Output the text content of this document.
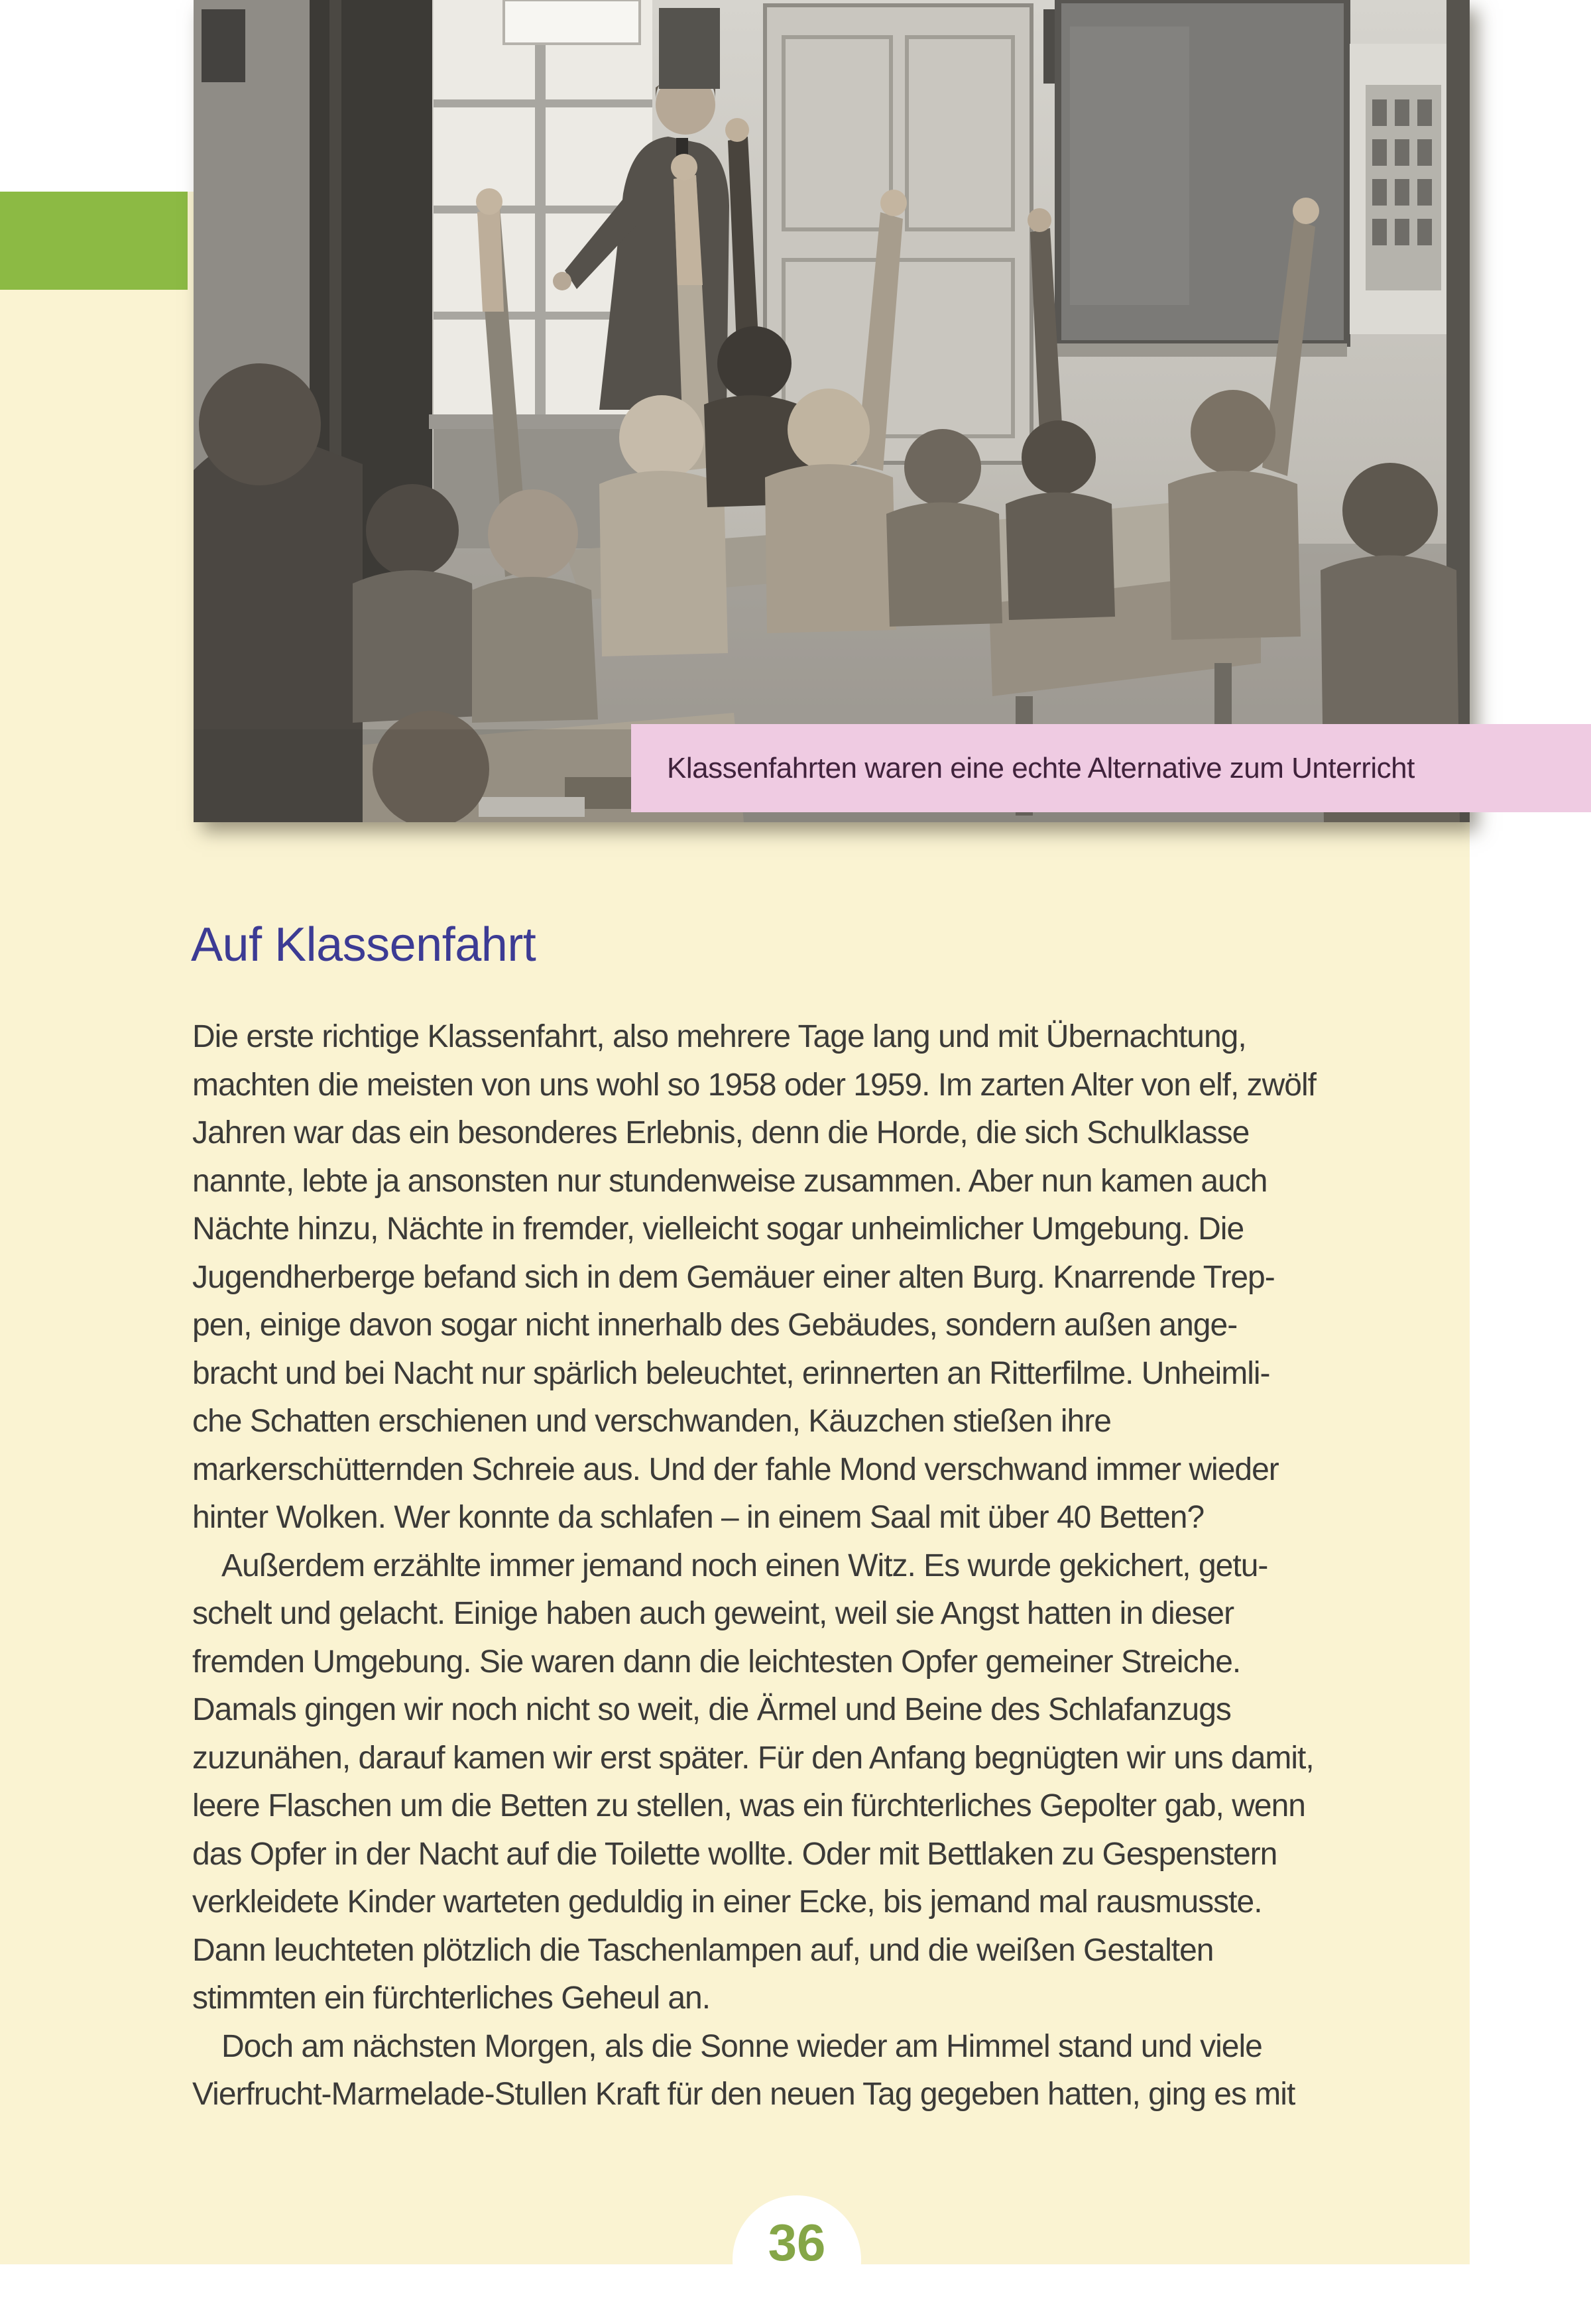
Klassenfahrten waren eine echte Alternative zum Unterricht
Auf Klassenfahrt
Die erste richtige Klassenfahrt, also mehrere Tage lang und mit Übernachtung,
machten die meisten von uns wohl so 1958 oder 1959. Im zarten Alter von elf, zwölf
Jahren war das ein besonderes Erlebnis, denn die Horde, die sich Schulklasse
nannte, lebte ja ansonsten nur stundenweise zusammen. Aber nun kamen auch
Nächte hinzu, Nächte in fremder, vielleicht sogar unheimlicher Umgebung. Die
Jugendherberge befand sich in dem Gemäuer einer alten Burg. Knarrende Trep-
pen, einige davon sogar nicht innerhalb des Gebäudes, sondern außen ange-
bracht und bei Nacht nur spärlich beleuchtet, erinnerten an Ritterfilme. Unheimli-
che Schatten erschienen und verschwanden, Käuzchen stießen ihre
markerschütternden Schreie aus. Und der fahle Mond verschwand immer wieder
hinter Wolken. Wer konnte da schlafen – in einem Saal mit über 40 Betten?
Außerdem erzählte immer jemand noch einen Witz. Es wurde gekichert, getu-
schelt und gelacht. Einige haben auch geweint, weil sie Angst hatten in dieser
fremden Umgebung. Sie waren dann die leichtesten Opfer gemeiner Streiche.
Damals gingen wir noch nicht so weit, die Ärmel und Beine des Schlafanzugs
zuzunähen, darauf kamen wir erst später. Für den Anfang begnügten wir uns damit,
leere Flaschen um die Betten zu stellen, was ein fürchterliches Gepolter gab, wenn
das Opfer in der Nacht auf die Toilette wollte. Oder mit Bettlaken zu Gespenstern
verkleidete Kinder warteten geduldig in einer Ecke, bis jemand mal rausmusste.
Dann leuchteten plötzlich die Taschenlampen auf, und die weißen Gestalten
stimmten ein fürchterliches Geheul an.
Doch am nächsten Morgen, als die Sonne wieder am Himmel stand und viele
Vierfrucht-Marmelade-Stullen Kraft für den neuen Tag gegeben hatten, ging es mit
36
